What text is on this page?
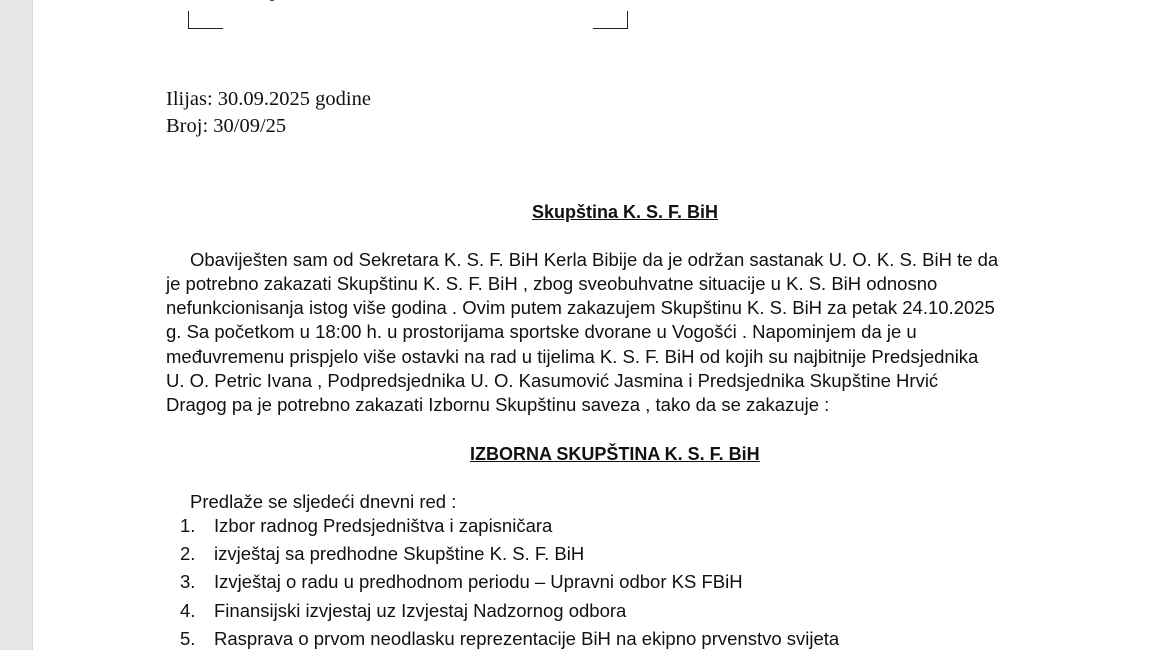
Ilijas: 30.09.2025 godine
Broj: 30/09/25
Skupština K. S. F. BiH
Obaviješten sam od Sekretara K. S. F. BiH Kerla Bibije da je održan sastanak U. O. K. S. BiH te da
je potrebno zakazati Skupštinu K. S. F. BiH , zbog sveobuhvatne situacije u K. S. BiH odnosno
nefunkcionisanja istog više godina . Ovim putem zakazujem Skupštinu K. S. BiH za petak 24.10.2025
g. Sa početkom u 18:00 h. u prostorijama sportske dvorane u Vogošći . Napominjem da je u
međuvremenu prispjelo više ostavki na rad u tijelima K. S. F. BiH od kojih su najbitnije Predsjednika
U. O. Petric Ivana , Podpredsjednika U. O. Kasumović Jasmina i Predsjednika Skupštine Hrvić
Dragog pa je potrebno zakazati Izbornu Skupštinu saveza , tako da se zakazuje :
IZBORNA SKUPŠTINA K. S. F. BiH
Predlaže se sljedeći dnevni red :
1. Izbor radnog Predsjedništva i zapisničara
2. izvještaj sa predhodne Skupštine K. S. F. BiH
3. Izvještaj o radu u predhodnom periodu – Upravni odbor KS FBiH
4. Finansijski izvjestaj uz Izvjestaj Nadzornog odbora
5. Rasprava o prvom neodlasku reprezentacije BiH na ekipno prvenstvo svijeta
